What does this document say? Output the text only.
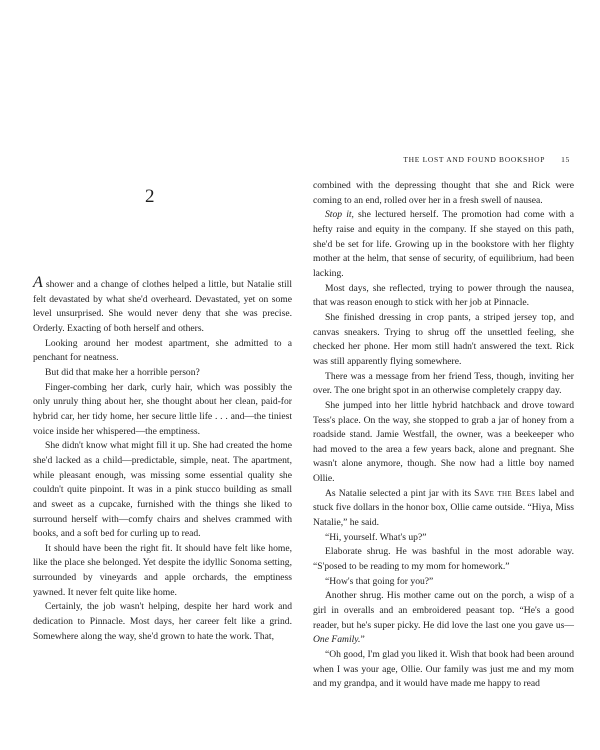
2

A shower and a change of clothes helped a little, but Natalie still felt devastated by what she'd overheard. Devastated, yet on some level unsurprised. She would never deny that she was precise. Orderly. Exacting of both herself and others.

Looking around her modest apartment, she admitted to a penchant for neatness.

But did that make her a horrible person?

Finger-combing her dark, curly hair, which was possibly the only unruly thing about her, she thought about her clean, paid-for hybrid car, her tidy home, her secure little life . . . and—the tiniest voice inside her whispered—the emptiness.

She didn't know what might fill it up. She had created the home she'd lacked as a child—predictable, simple, neat. The apartment, while pleasant enough, was missing some essential quality she couldn't quite pinpoint. It was in a pink stucco building as small and sweet as a cupcake, furnished with the things she liked to surround herself with—comfy chairs and shelves crammed with books, and a soft bed for curling up to read.

It should have been the right fit. It should have felt like home, like the place she belonged. Yet despite the idyllic Sonoma setting, surrounded by vineyards and apple orchards, the emptiness yawned. It never felt quite like home.

Certainly, the job wasn't helping, despite her hard work and dedication to Pinnacle. Most days, her career felt like a grind. Somewhere along the way, she'd grown to hate the work. That,

THE LOST AND FOUND BOOKSHOP 15

combined with the depressing thought that she and Rick were coming to an end, rolled over her in a fresh swell of nausea.

Stop it, she lectured herself. The promotion had come with a hefty raise and equity in the company. If she stayed on this path, she'd be set for life. Growing up in the bookstore with her flighty mother at the helm, that sense of security, of equilibrium, had been lacking.

Most days, she reflected, trying to power through the nausea, that was reason enough to stick with her job at Pinnacle.

She finished dressing in crop pants, a striped jersey top, and canvas sneakers. Trying to shrug off the unsettled feeling, she checked her phone. Her mom still hadn't answered the text. Rick was still apparently flying somewhere.

There was a message from her friend Tess, though, inviting her over. The one bright spot in an otherwise completely crappy day.

She jumped into her little hybrid hatchback and drove toward Tess's place. On the way, she stopped to grab a jar of honey from a roadside stand. Jamie Westfall, the owner, was a beekeeper who had moved to the area a few years back, alone and pregnant. She wasn't alone anymore, though. She now had a little boy named Ollie.

As Natalie selected a pint jar with its Save the Bees label and stuck five dollars in the honor box, Ollie came outside. “Hiya, Miss Natalie,” he said.

“Hi, yourself. What's up?”

Elaborate shrug. He was bashful in the most adorable way. “S'posed to be reading to my mom for homework.”

“How's that going for you?”

Another shrug. His mother came out on the porch, a wisp of a girl in overalls and an embroidered peasant top. “He's a good reader, but he's super picky. He did love the last one you gave us—One Family.”

“Oh good, I'm glad you liked it. Wish that book had been around when I was your age, Ollie. Our family was just me and my mom and my grandpa, and it would have made me happy to read
